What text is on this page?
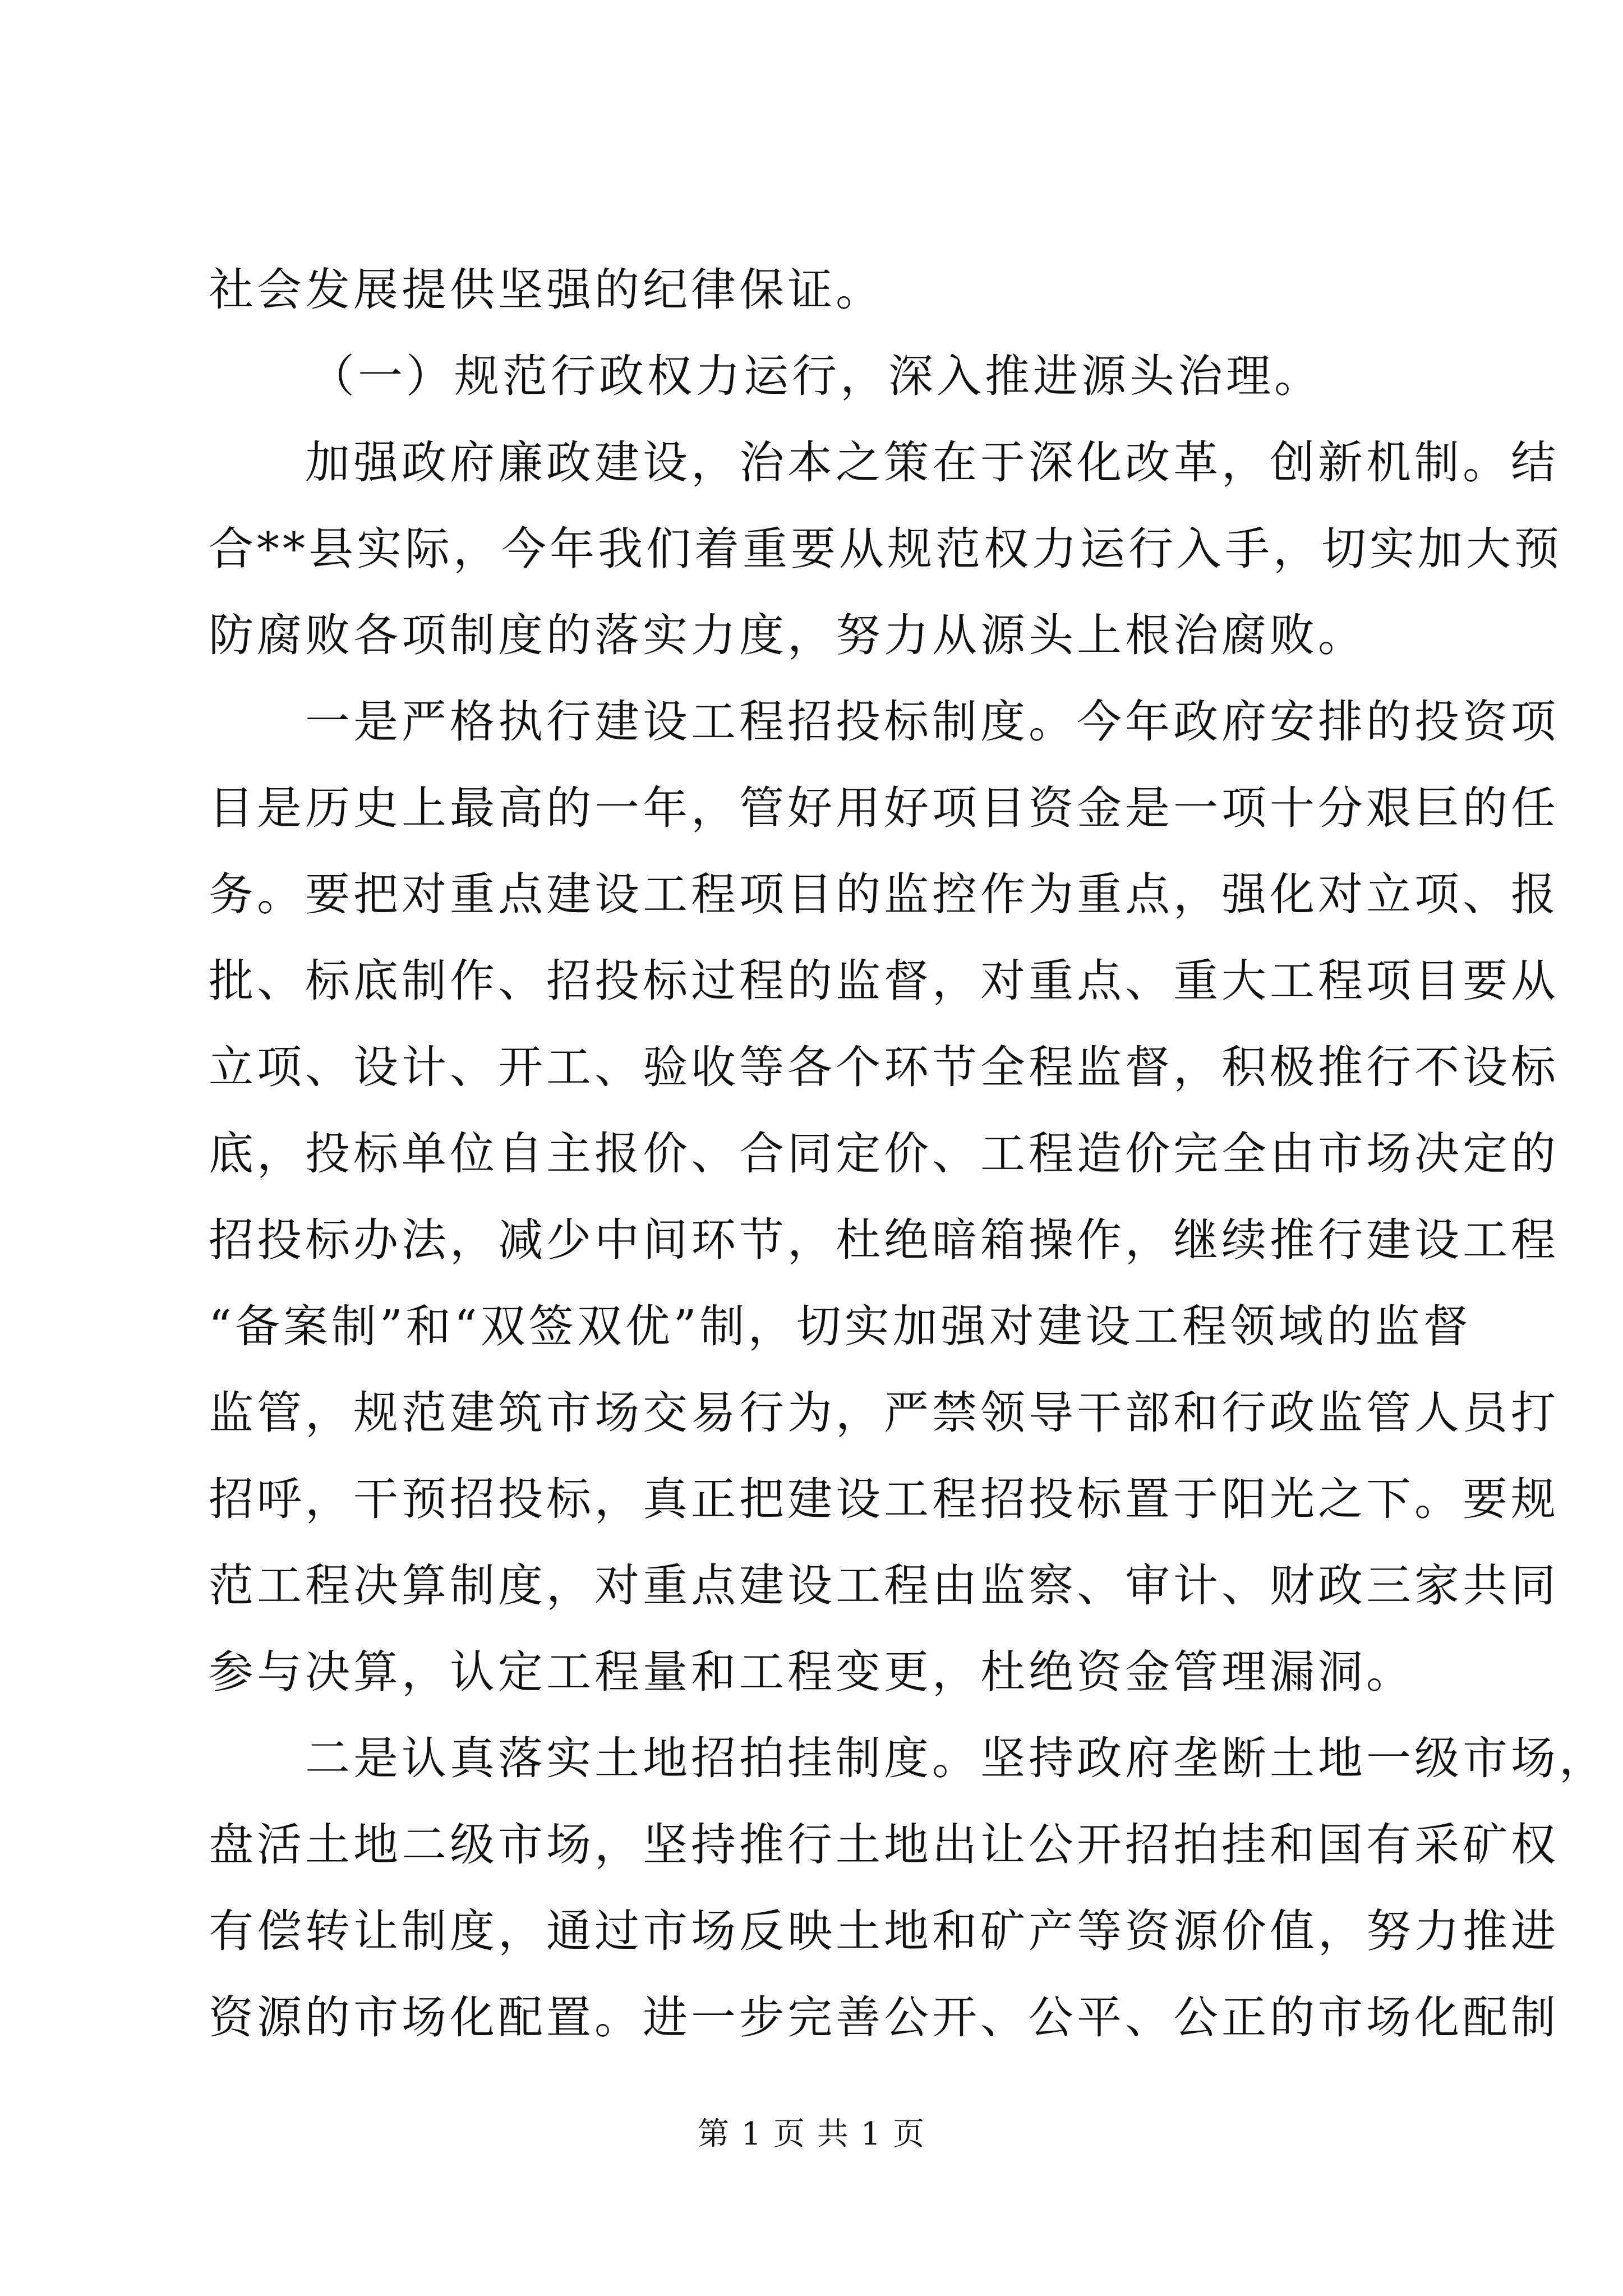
社会发展提供坚强的纪律保证。
（一）规范行政权力运行，深入推进源头治理。
加强政府廉政建设，治本之策在于深化改革，创新机制。结
合**县实际，今年我们着重要从规范权力运行入手，切实加大预
防腐败各项制度的落实力度，努力从源头上根治腐败。
一是严格执行建设工程招投标制度。今年政府安排的投资项
目是历史上最高的一年，管好用好项目资金是一项十分艰巨的任
务。要把对重点建设工程项目的监控作为重点，强化对立项、报
批、标底制作、招投标过程的监督，对重点、重大工程项目要从
立项、设计、开工、验收等各个环节全程监督，积极推行不设标
底，投标单位自主报价、合同定价、工程造价完全由市场决定的
招投标办法，减少中间环节，杜绝暗箱操作，继续推行建设工程
“备案制”和“双签双优”制，切实加强对建设工程领域的监督
监管，规范建筑市场交易行为，严禁领导干部和行政监管人员打
招呼，干预招投标，真正把建设工程招投标置于阳光之下。要规
范工程决算制度，对重点建设工程由监察、审计、财政三家共同
参与决算，认定工程量和工程变更，杜绝资金管理漏洞。
二是认真落实土地招拍挂制度。坚持政府垄断土地一级市场，
盘活土地二级市场，坚持推行土地出让公开招拍挂和国有采矿权
有偿转让制度，通过市场反映土地和矿产等资源价值，努力推进
资源的市场化配置。进一步完善公开、公平、公正的市场化配制
第 1 页 共 1 页
